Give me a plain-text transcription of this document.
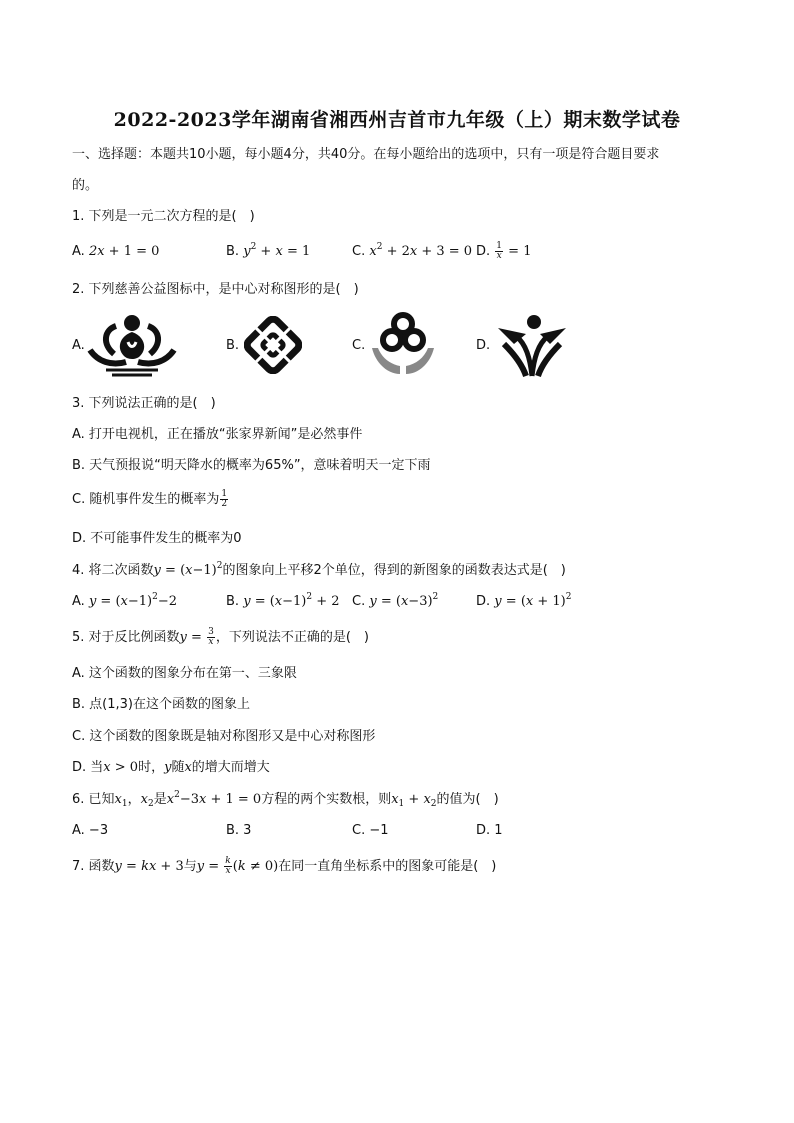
2022-2023学年湖南省湘西州吉首市九年级（上）期末数学试卷
一、选择题：本题共10小题，每小题4分，共40分。在每小题给出的选项中，只有一项是符合题目要求
的。
1. 下列是一元二次方程的是(　)
A. 2x + 1 = 0	B. $y^2 + x = 1$	C. $x^2 + 2x + 3 = 0$ D. $\frac{1}{x} = 1$
2. 下列慈善公益图标中，是中心对称图形的是(　)
A.	B.	C.	D.
3. 下列说法正确的是(　)
A. 打开电视机，正在播放“张家界新闻”是必然事件
B. 天气预报说“明天降水的概率为65%”，意味着明天一定下雨
C. 随机事件发生的概率为 $\frac{1}{2}$
D. 不可能事件发生的概率为0
4. 将二次函数$y = (x-1)^2$的图象向上平移2个单位，得到的新图象的函数表达式是(　)
A. $y = (x-1)^2-2$	B. $y = (x-1)^2 + 2$ C. $y = (x-3)^2$	D. $y = (x + 1)^2$
5. 对于反比例函数$y = \frac{3}{x}$ ，下列说法不正确的是(　)
A. 这个函数的图象分布在第一、三象限
B. 点(1,3)在这个函数的图象上
C. 这个函数的图象既是轴对称图形又是中心对称图形
D. 当x > 0时，y随x的增大而增大
6. 已知$x_1$，$x_2$是$x^2-3x + 1 = 0$方程的两个实数根，则$x_1 + x_2$的值为(　)
A. −3	B. 3	C. −1	D. 1
7. 函数y = kx + 3与$y = \frac{k}{x} (k \ne 0)$在同一直角坐标系中的图象可能是(　)
